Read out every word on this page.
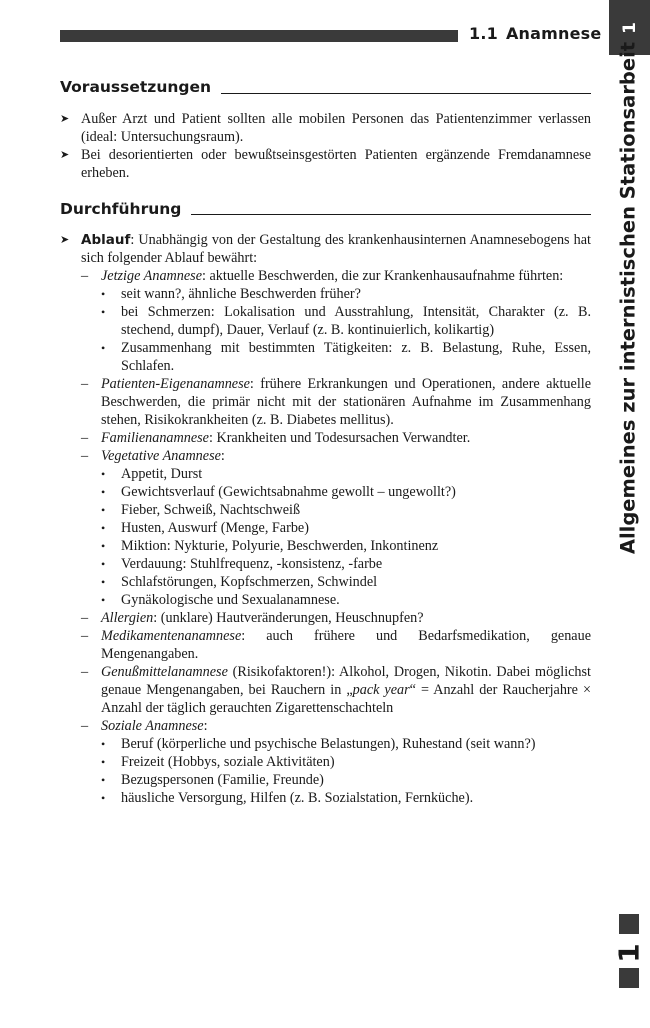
1.1 Anamnese 1
Allgemeines zur internistischen Stationsarbeit
1
Voraussetzungen
➤ Außer Arzt und Patient sollten alle mobilen Personen das Patientenzimmer verlassen (ideal: Untersuchungsraum).
➤ Bei desorientierten oder bewußtseinsgestörten Patienten ergänzende Fremdanamnese erheben.
Durchführung
➤ Ablauf: Unabhängig von der Gestaltung des krankenhausinternen Anamnesebogens hat sich folgender Ablauf bewährt:
– Jetzige Anamnese: aktuelle Beschwerden, die zur Krankenhausaufnahme führten:
• seit wann?, ähnliche Beschwerden früher?
• bei Schmerzen: Lokalisation und Ausstrahlung, Intensität, Charakter (z. B. stechend, dumpf), Dauer, Verlauf (z. B. kontinuierlich, kolikartig)
• Zusammenhang mit bestimmten Tätigkeiten: z. B. Belastung, Ruhe, Essen, Schlafen.
– Patienten-Eigenanamnese: frühere Erkrankungen und Operationen, andere aktuelle Beschwerden, die primär nicht mit der stationären Aufnahme im Zusammenhang stehen, Risikokrankheiten (z. B. Diabetes mellitus).
– Familienanamnese: Krankheiten und Todesursachen Verwandter.
– Vegetative Anamnese:
• Appetit, Durst
• Gewichtsverlauf (Gewichtsabnahme gewollt – ungewollt?)
• Fieber, Schweiß, Nachtschweiß
• Husten, Auswurf (Menge, Farbe)
• Miktion: Nykturie, Polyurie, Beschwerden, Inkontinenz
• Verdauung: Stuhlfrequenz, -konsistenz, -farbe
• Schlafstörungen, Kopfschmerzen, Schwindel
• Gynäkologische und Sexualanamnese.
– Allergien: (unklare) Hautveränderungen, Heuschnupfen?
– Medikamentenanamnese: auch frühere und Bedarfsmedikation, genaue Mengenangaben.
– Genußmittelanamnese (Risikofaktoren!): Alkohol, Drogen, Nikotin. Dabei möglichst genaue Mengenangaben, bei Rauchern in „pack year“ = Anzahl der Raucherjahre × Anzahl der täglich gerauchten Zigarettenschachteln
– Soziale Anamnese:
• Beruf (körperliche und psychische Belastungen), Ruhestand (seit wann?)
• Freizeit (Hobbys, soziale Aktivitäten)
• Bezugspersonen (Familie, Freunde)
• häusliche Versorgung, Hilfen (z. B. Sozialstation, Fernküche).
